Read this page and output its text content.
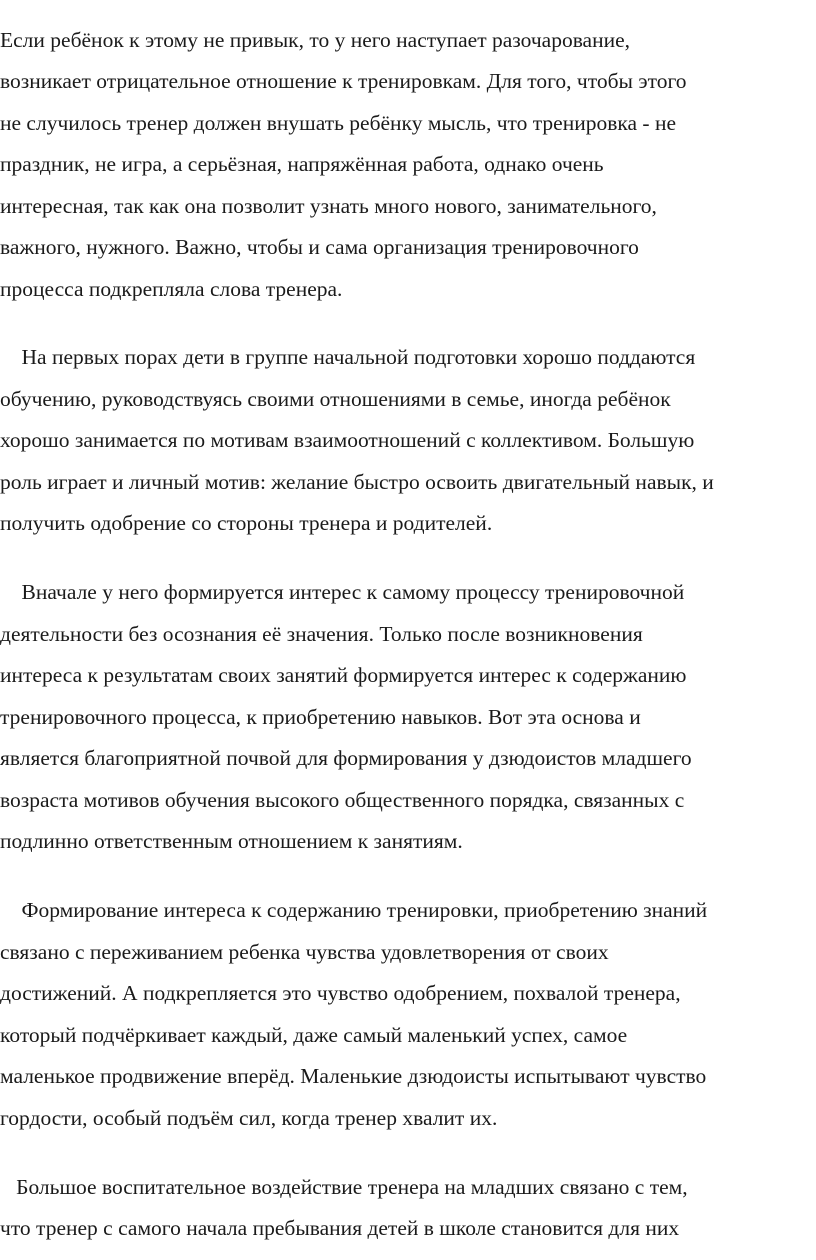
Если ребёнок к этому не привык, то у него наступает разочарование,

возникает отрицательное отношение к тренировкам. Для того, чтобы этого

не случилось тренер должен внушать ребёнку мысль, что тренировка - не

праздник, не игра, а серьёзная, напряжённая работа, однако очень

интересная, так как она позволит узнать много нового, занимательного,

важного, нужного. Важно, чтобы и сама организация тренировочного

процесса подкрепляла слова тренера.

На первых порах дети в группе начальной подготовки хорошо поддаются

обучению, руководствуясь своими отношениями в семье, иногда ребёнок

хорошо занимается по мотивам взаимоотношений с коллективом. Большую

роль играет и личный мотив: желание быстро освоить двигательный навык, и

получить одобрение со стороны тренера и родителей.

Вначале у него формируется интерес к самому процессу тренировочной

деятельности без осознания её значения. Только после возникновения

интереса к результатам своих занятий формируется интерес к содержанию

тренировочного процесса, к приобретению навыков. Вот эта основа и

является благоприятной почвой для формирования у дзюдоистов младшего

возраста мотивов обучения высокого общественного порядка, связанных с

подлинно ответственным отношением к занятиям.

Формирование интереса к содержанию тренировки, приобретению знаний

связано с переживанием ребенка чувства удовлетворения от своих

достижений. А подкрепляется это чувство одобрением, похвалой тренера,

который подчёркивает каждый, даже самый маленький успех, самое

маленькое продвижение вперёд. Маленькие дзюдоисты испытывают чувство

гордости, особый подъём сил, когда тренер хвалит их.

Большое воспитательное воздействие тренера на младших связано с тем,

что тренер с самого начала пребывания детей в школе становится для них
